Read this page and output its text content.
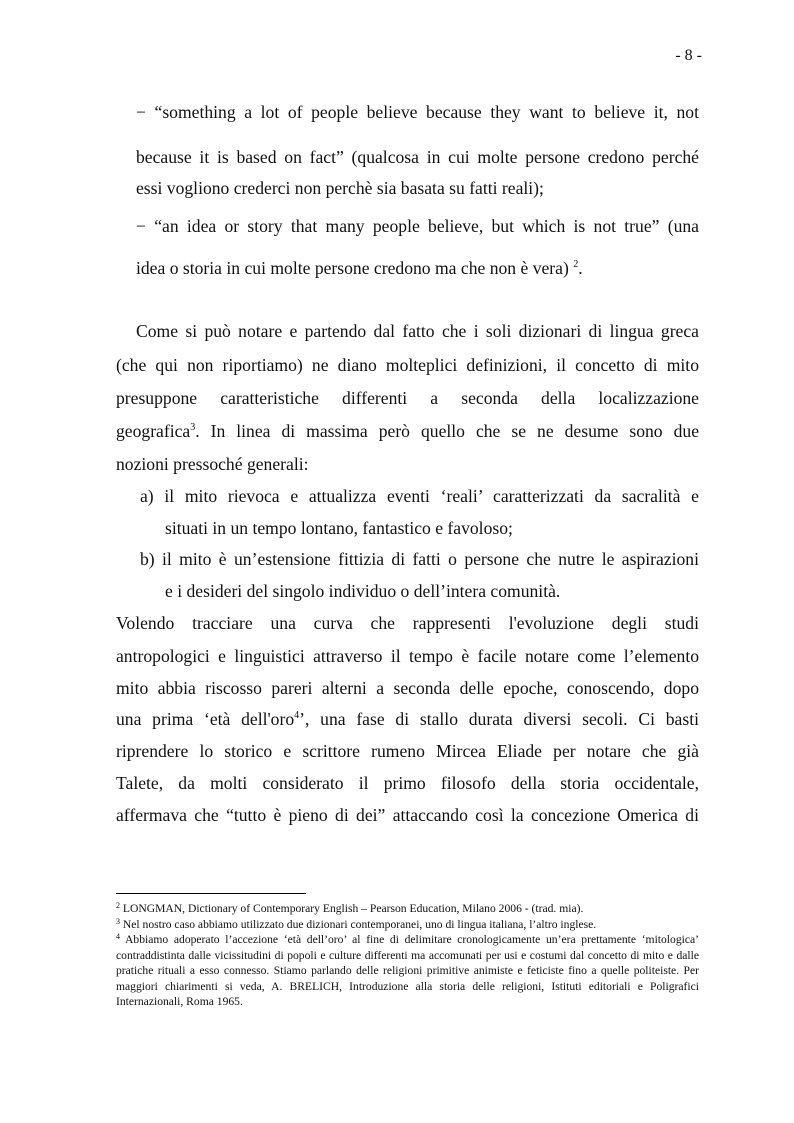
- 8 -

− “something a lot of people believe because they want to believe it, not

because it is based on fact” (qualcosa in cui molte persone credono perché

essi vogliono crederci non perchè sia basata su fatti reali);

− “an idea or story that many people believe, but which is not true” (una

idea o storia in cui molte persone credono ma che non è vera) $^2$.

Come si può notare e partendo dal fatto che i soli dizionari di lingua greca

(che qui non riportiamo) ne diano molteplici definizioni, il concetto di mito

presuppone caratteristiche differenti a seconda della localizzazione

geografica$^3$. In linea di massima però quello che se ne desume sono due

nozioni pressoché generali:

a) il mito rievoca e attualizza eventi ‘reali’ caratterizzati da sacralità e

situati in un tempo lontano, fantastico e favoloso;

b) il mito è un’estensione fittizia di fatti o persone che nutre le aspirazioni

e i desideri del singolo individuo o dell’intera comunità.

Volendo tracciare una curva che rappresenti l'evoluzione degli studi

antropologici e linguistici attraverso il tempo è facile notare come l’elemento

mito abbia riscosso pareri alterni a seconda delle epoche, conoscendo, dopo

una prima ‘età dell'oro$^4$’, una fase di stallo durata diversi secoli. Ci basti

riprendere lo storico e scrittore rumeno Mircea Eliade per notare che già

Talete, da molti considerato il primo filosofo della storia occidentale,

affermava che “tutto è pieno di dei” attaccando così la concezione Omerica di

$^2$ LONGMAN, Dictionary of Contemporary English – Pearson Education, Milano 2006 - (trad. mia).
$^3$ Nel nostro caso abbiamo utilizzato due dizionari contemporanei, uno di lingua italiana, l’altro inglese.
$^4$ Abbiamo adoperato l’accezione ‘età dell’oro’ al fine di delimitare cronologicamente un’era prettamente ‘mitologica’ contraddistinta dalle vicissitudini di popoli e culture differenti ma accomunati per usi e costumi dal concetto di mito e dalle pratiche rituali a esso connesso. Stiamo parlando delle religioni primitive animiste e feticiste fino a quelle politeiste. Per maggiori chiarimenti si veda, A. BRELICH, Introduzione alla storia delle religioni, Istituti editoriali e Poligrafici Internazionali, Roma 1965.
